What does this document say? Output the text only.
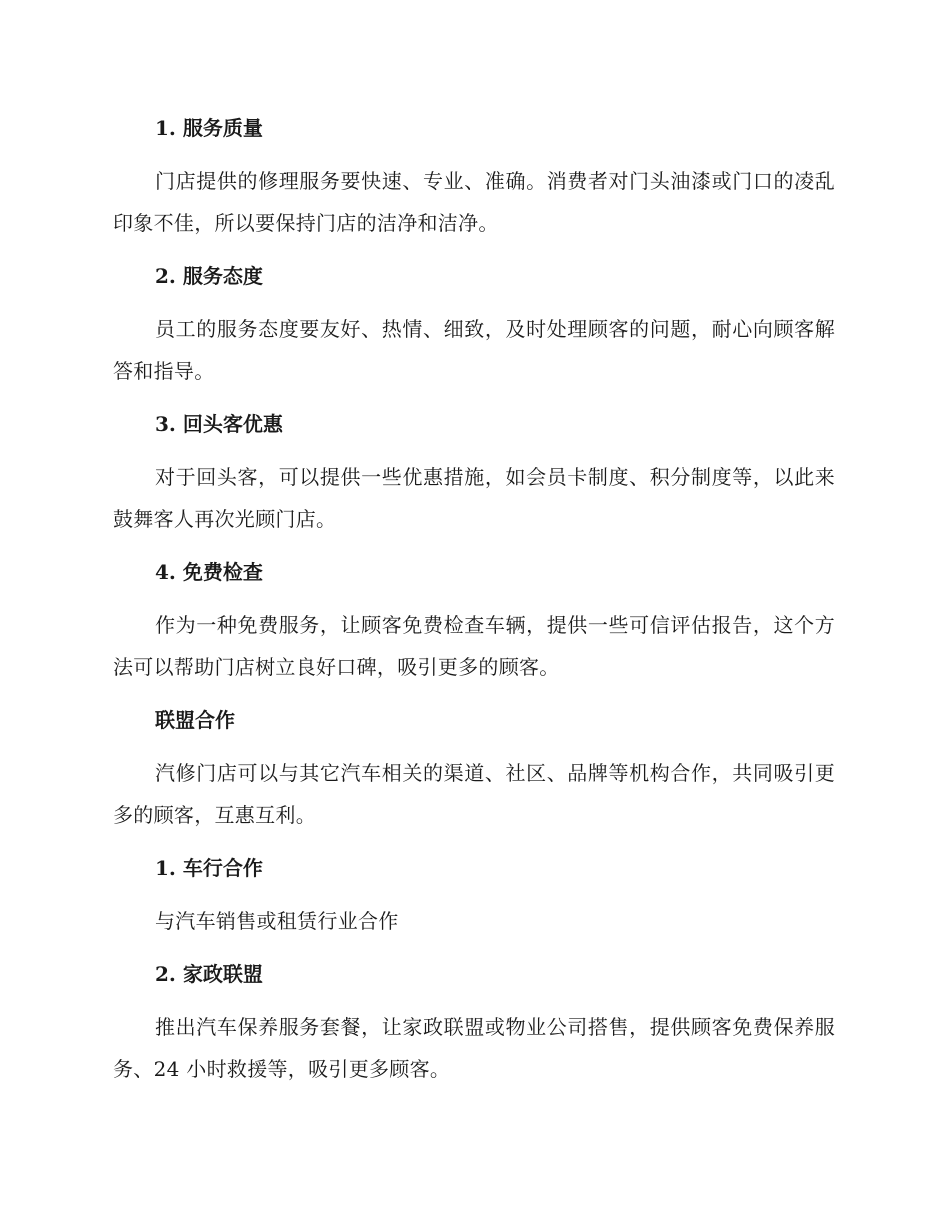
1. 服务质量
门店提供的修理服务要快速、专业、准确。消费者对门头油漆或门口的凌乱印象不佳，所以要保持门店的洁净和洁净。
2. 服务态度
员工的服务态度要友好、热情、细致，及时处理顾客的问题，耐心向顾客解答和指导。
3. 回头客优惠
对于回头客，可以提供一些优惠措施，如会员卡制度、积分制度等，以此来鼓舞客人再次光顾门店。
4. 免费检查
作为一种免费服务，让顾客免费检查车辆，提供一些可信评估报告，这个方法可以帮助门店树立良好口碑，吸引更多的顾客。
联盟合作
汽修门店可以与其它汽车相关的渠道、社区、品牌等机构合作，共同吸引更多的顾客，互惠互利。
1. 车行合作
与汽车销售或租赁行业合作
2. 家政联盟
推出汽车保养服务套餐，让家政联盟或物业公司搭售，提供顾客免费保养服务、24 小时救援等，吸引更多顾客。
